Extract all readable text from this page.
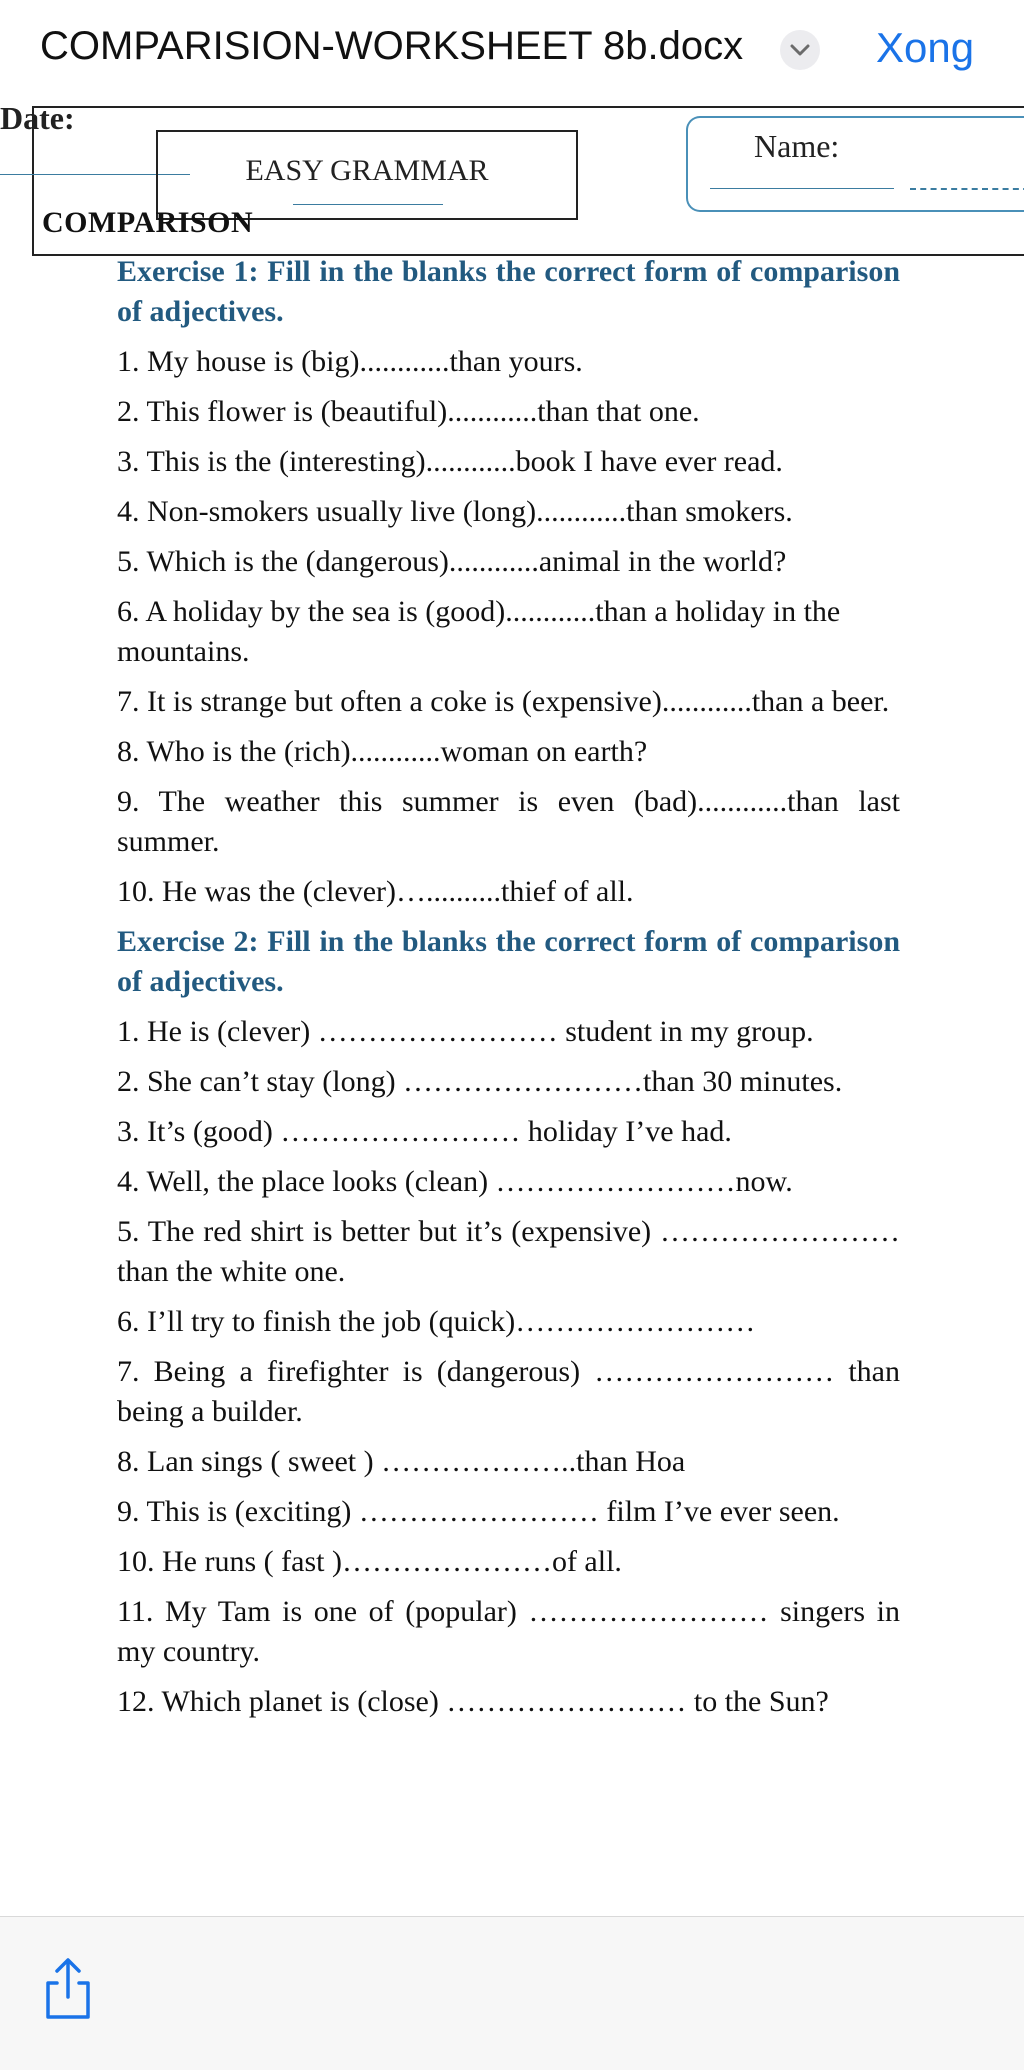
COMPARISION-WORKSHEET 8b.docx	Xong
Date:
EASY GRAMMAR
Name:
COMPARISON

Exercise 1: Fill in the blanks the correct form of comparison of adjectives.

1. My house is (big)............than yours.

2. This flower is (beautiful)............than that one.

3. This is the (interesting)............book I have ever read.

4. Non-smokers usually live (long)............than smokers.

5. Which is the (dangerous)............animal in the world?

6. A holiday by the sea is (good)............than a holiday in the mountains.

7. It is strange but often a coke is (expensive)............than a beer.

8. Who is the (rich)............woman on earth?

9. The weather this summer is even (bad)............than last summer.

10. He was the (clever)…..........thief of all.

Exercise 2: Fill in the blanks the correct form of comparison of adjectives.

1. He is (clever) …………………… student in my group.

2. She can’t stay (long) ……………………than 30 minutes.

3. It’s (good) …………………… holiday I’ve had.

4. Well, the place looks (clean) ……………………now.

5. The red shirt is better but it’s (expensive) …………………… than the white one.

6. I’ll try to finish the job (quick)……………………

7. Being a firefighter is (dangerous) …………………… than being a builder.

8. Lan sings ( sweet ) ………………..than Hoa

9. This is (exciting) …………………… film I’ve ever seen.

10. He runs ( fast )…………………of all.

11. My Tam is one of (popular) …………………… singers in my country.

12. Which planet is (close) …………………… to the Sun?
